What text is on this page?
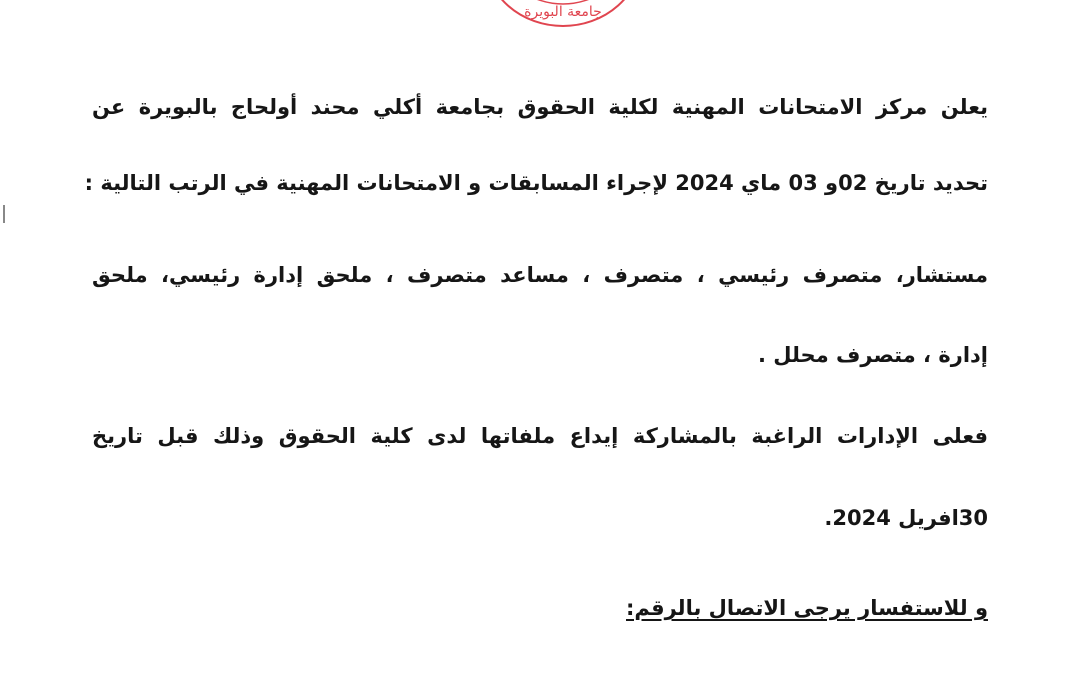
جامعة البويرة
يعلن مركز الامتحانات المهنية لكلية الحقوق بجامعة أكلي محند أولحاج بالبويرة عن
تحديد تاريخ 02و 03 ماي 2024 لإجراء المسابقات و الامتحانات المهنية في الرتب التالية :
مستشار، متصرف رئيسي ، متصرف ، مساعد متصرف ، ملحق إدارة رئيسي، ملحق
إدارة ، متصرف محلل .
فعلى الإدارات الراغبة بالمشاركة إيداع ملفاتها لدى كلية الحقوق وذلك قبل تاريخ
30افريل 2024.
و للاستفسار يرجى الاتصال بالرقم:
